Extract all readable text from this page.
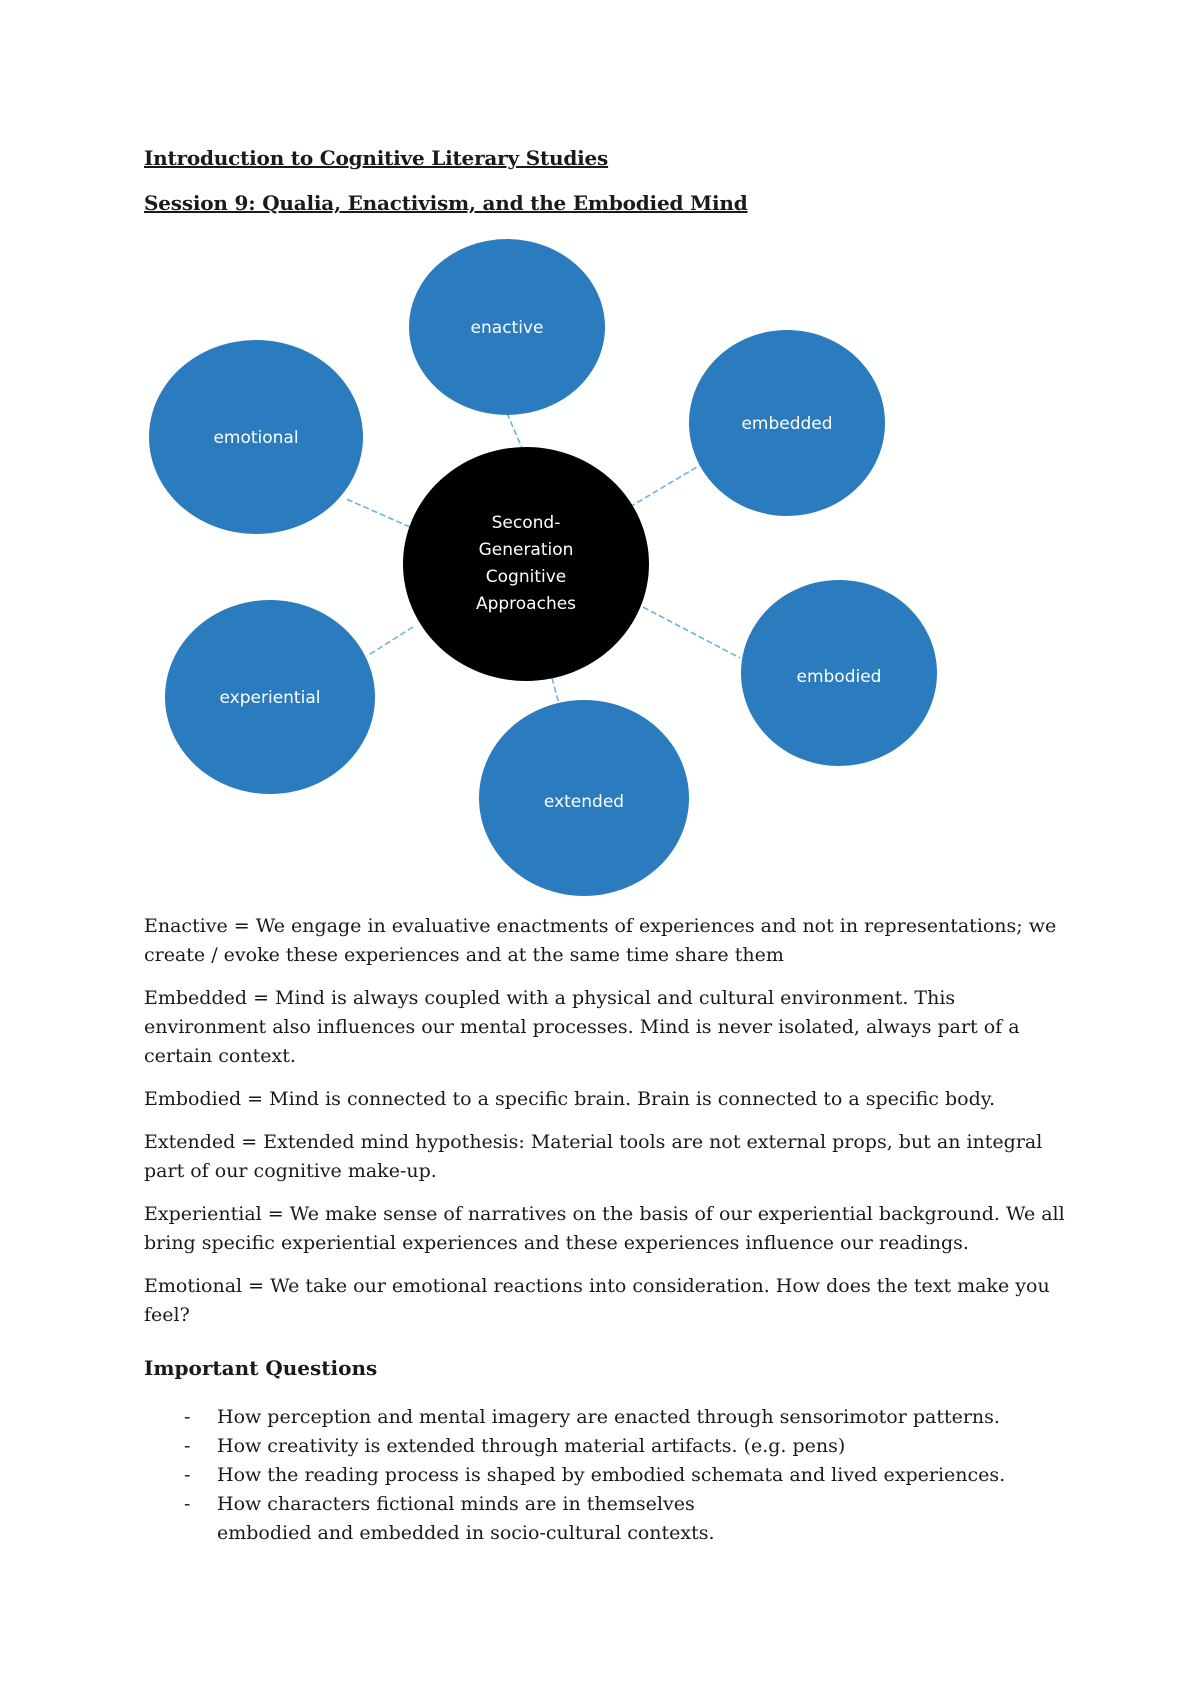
Introduction to Cognitive Literary Studies
Session 9: Qualia, Enactivism, and the Embodied Mind
enactive
embedded
embodied
extended
experiential
emotional
Second-
Generation
Cognitive
Approaches

Enactive = We engage in evaluative enactments of experiences and not in representations; we create / evoke these experiences and at the same time share them

Embedded = Mind is always coupled with a physical and cultural environment. This environment also influences our mental processes. Mind is never isolated, always part of a certain context.

Embodied = Mind is connected to a specific brain. Brain is connected to a specific body.

Extended = Extended mind hypothesis: Material tools are not external props, but an integral part of our cognitive make-up.

Experiential = We make sense of narratives on the basis of our experiential background. We all bring specific experiential experiences and these experiences influence our readings.

Emotional = We take our emotional reactions into consideration. How does the text make you feel?

Important Questions
- How perception and mental imagery are enacted through sensorimotor patterns.
- How creativity is extended through material artifacts. (e.g. pens)
- How the reading process is shaped by embodied schemata and lived experiences.
- How characters fictional minds are in themselves
embodied and embedded in socio-cultural contexts.
